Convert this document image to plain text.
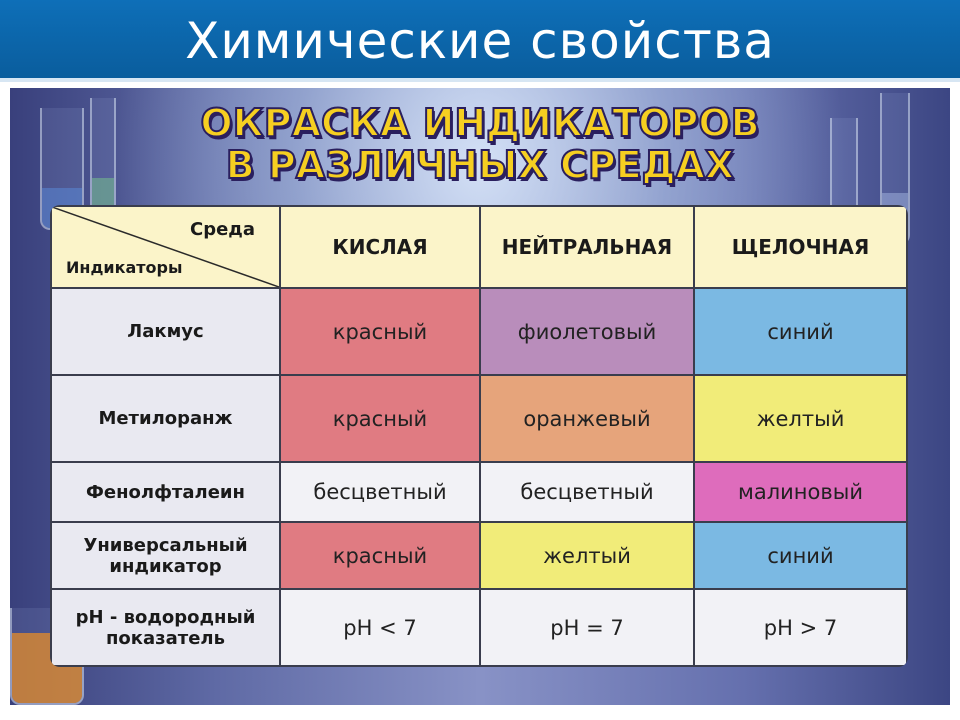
Химические свойства
ОКРАСКА ИНДИКАТОРОВ
В РАЗЛИЧНЫХ СРЕДАХ
Среда
Индикаторы
КИСЛАЯ	НЕЙТРАЛЬНАЯ	ЩЕЛОЧНАЯ
Лакмус	красный	фиолетовый	синий
Метилоранж	красный	оранжевый	желтый
Фенолфталеин	бесцветный	бесцветный	малиновый
Универсальный индикатор	красный	желтый	синий
pH - водородный показатель	pH < 7	pH = 7	pH > 7
